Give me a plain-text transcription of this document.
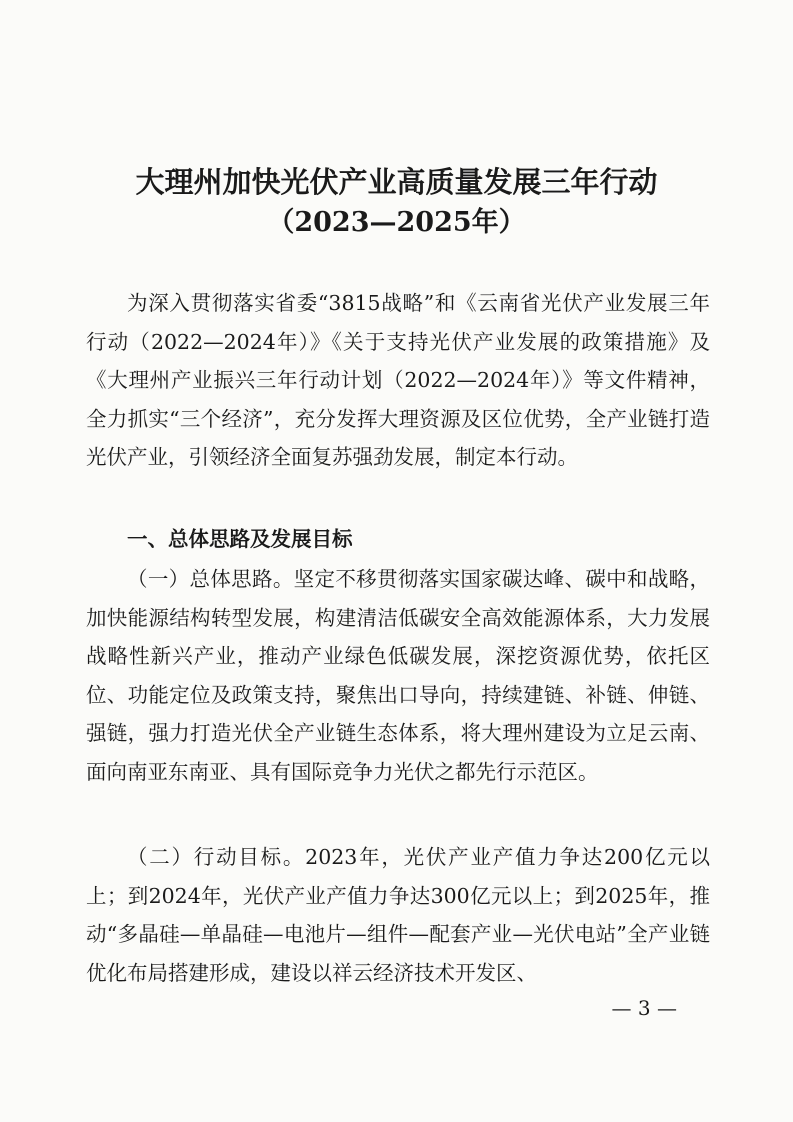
大理州加快光伏产业高质量发展三年行动
（2023—2025年）

为深入贯彻落实省委“3815战略”和《云南省光伏产业发展三年行动（2022—2024年）》《关于支持光伏产业发展的政策措施》及《大理州产业振兴三年行动计划（2022—2024年）》等文件精神，全力抓实“三个经济”，充分发挥大理资源及区位优势，全产业链打造光伏产业，引领经济全面复苏强劲发展，制定本行动。

一、总体思路及发展目标

（一）总体思路。坚定不移贯彻落实国家碳达峰、碳中和战略，加快能源结构转型发展，构建清洁低碳安全高效能源体系，大力发展战略性新兴产业，推动产业绿色低碳发展，深挖资源优势，依托区位、功能定位及政策支持，聚焦出口导向，持续建链、补链、伸链、强链，强力打造光伏全产业链生态体系，将大理州建设为立足云南、面向南亚东南亚、具有国际竞争力光伏之都先行示范区。

（二）行动目标。2023年，光伏产业产值力争达200亿元以上；到2024年，光伏产业产值力争达300亿元以上；到2025年，推动“多晶硅—单晶硅—电池片—组件—配套产业—光伏电站”全产业链优化布局搭建形成，建设以祥云经济技术开发区、

— 3 —
